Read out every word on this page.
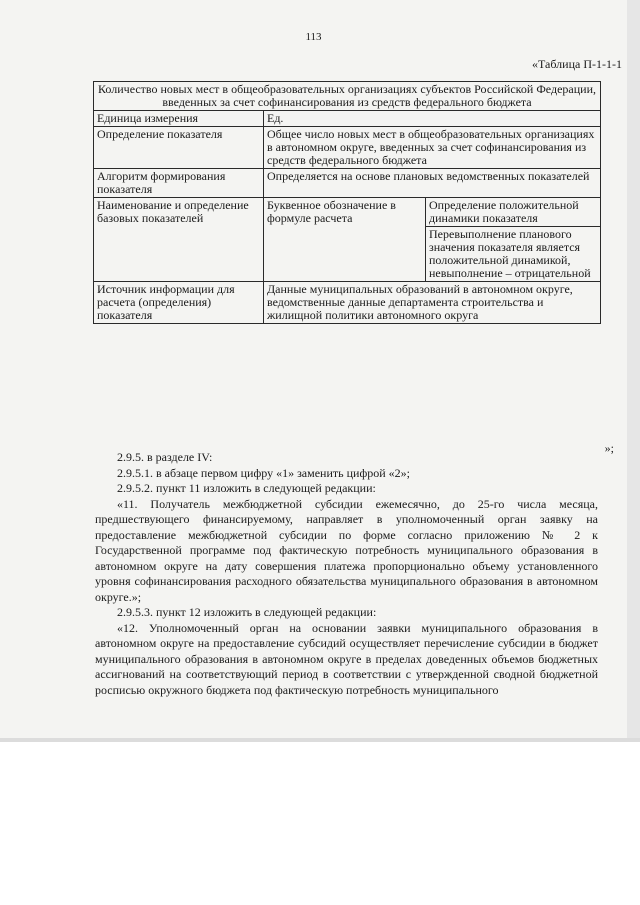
113
«Таблица П-1-1-1
Количество новых мест в общеобразовательных организациях субъектов Российской Федерации, введенных за счет софинансирования из средств федерального бюджета		
Единица измерения	Ед.	
Определение показателя	Общее число новых мест в общеобразовательных организациях в автономном округе, введенных за счет софинансирования из средств федерального бюджета	
Алгоритм формирования показателя	Определяется на основе плановых ведомственных показателей	
Наименование и определение базовых показателей	Буквенное обозначение в формуле расчета	Определение положительной динамики показателя
		Перевыполнение планового значения показателя является положительной динамикой, невыполнение – отрицательной
Источник информации для расчета (определения) показателя	Данные муниципальных образований в автономном округе, ведомственные данные департамента строительства и жилищной политики автономного округа	
»;

2.9.5. в разделе IV:

2.9.5.1. в абзаце первом цифру «1» заменить цифрой «2»;

2.9.5.2. пункт 11 изложить в следующей редакции:

«11. Получатель межбюджетной субсидии ежемесячно, до 25-го числа месяца, предшествующего финансируемому, направляет в уполномоченный орган заявку на предоставление межбюджетной субсидии по форме согласно приложению № 2 к Государственной программе под фактическую потребность муниципального образования в автономном округе на дату совершения платежа пропорционально объему установленного уровня софинансирования расходного обязательства муниципального образования в автономном округе.»;

2.9.5.3. пункт 12 изложить в следующей редакции:

«12. Уполномоченный орган на основании заявки муниципального образования в автономном округе на предоставление субсидий осуществляет перечисление субсидии в бюджет муниципального образования в автономном округе в пределах доведенных объемов бюджетных ассигнований на соответствующий период в соответствии с утвержденной сводной бюджетной росписью окружного бюджета под фактическую потребность муниципального
